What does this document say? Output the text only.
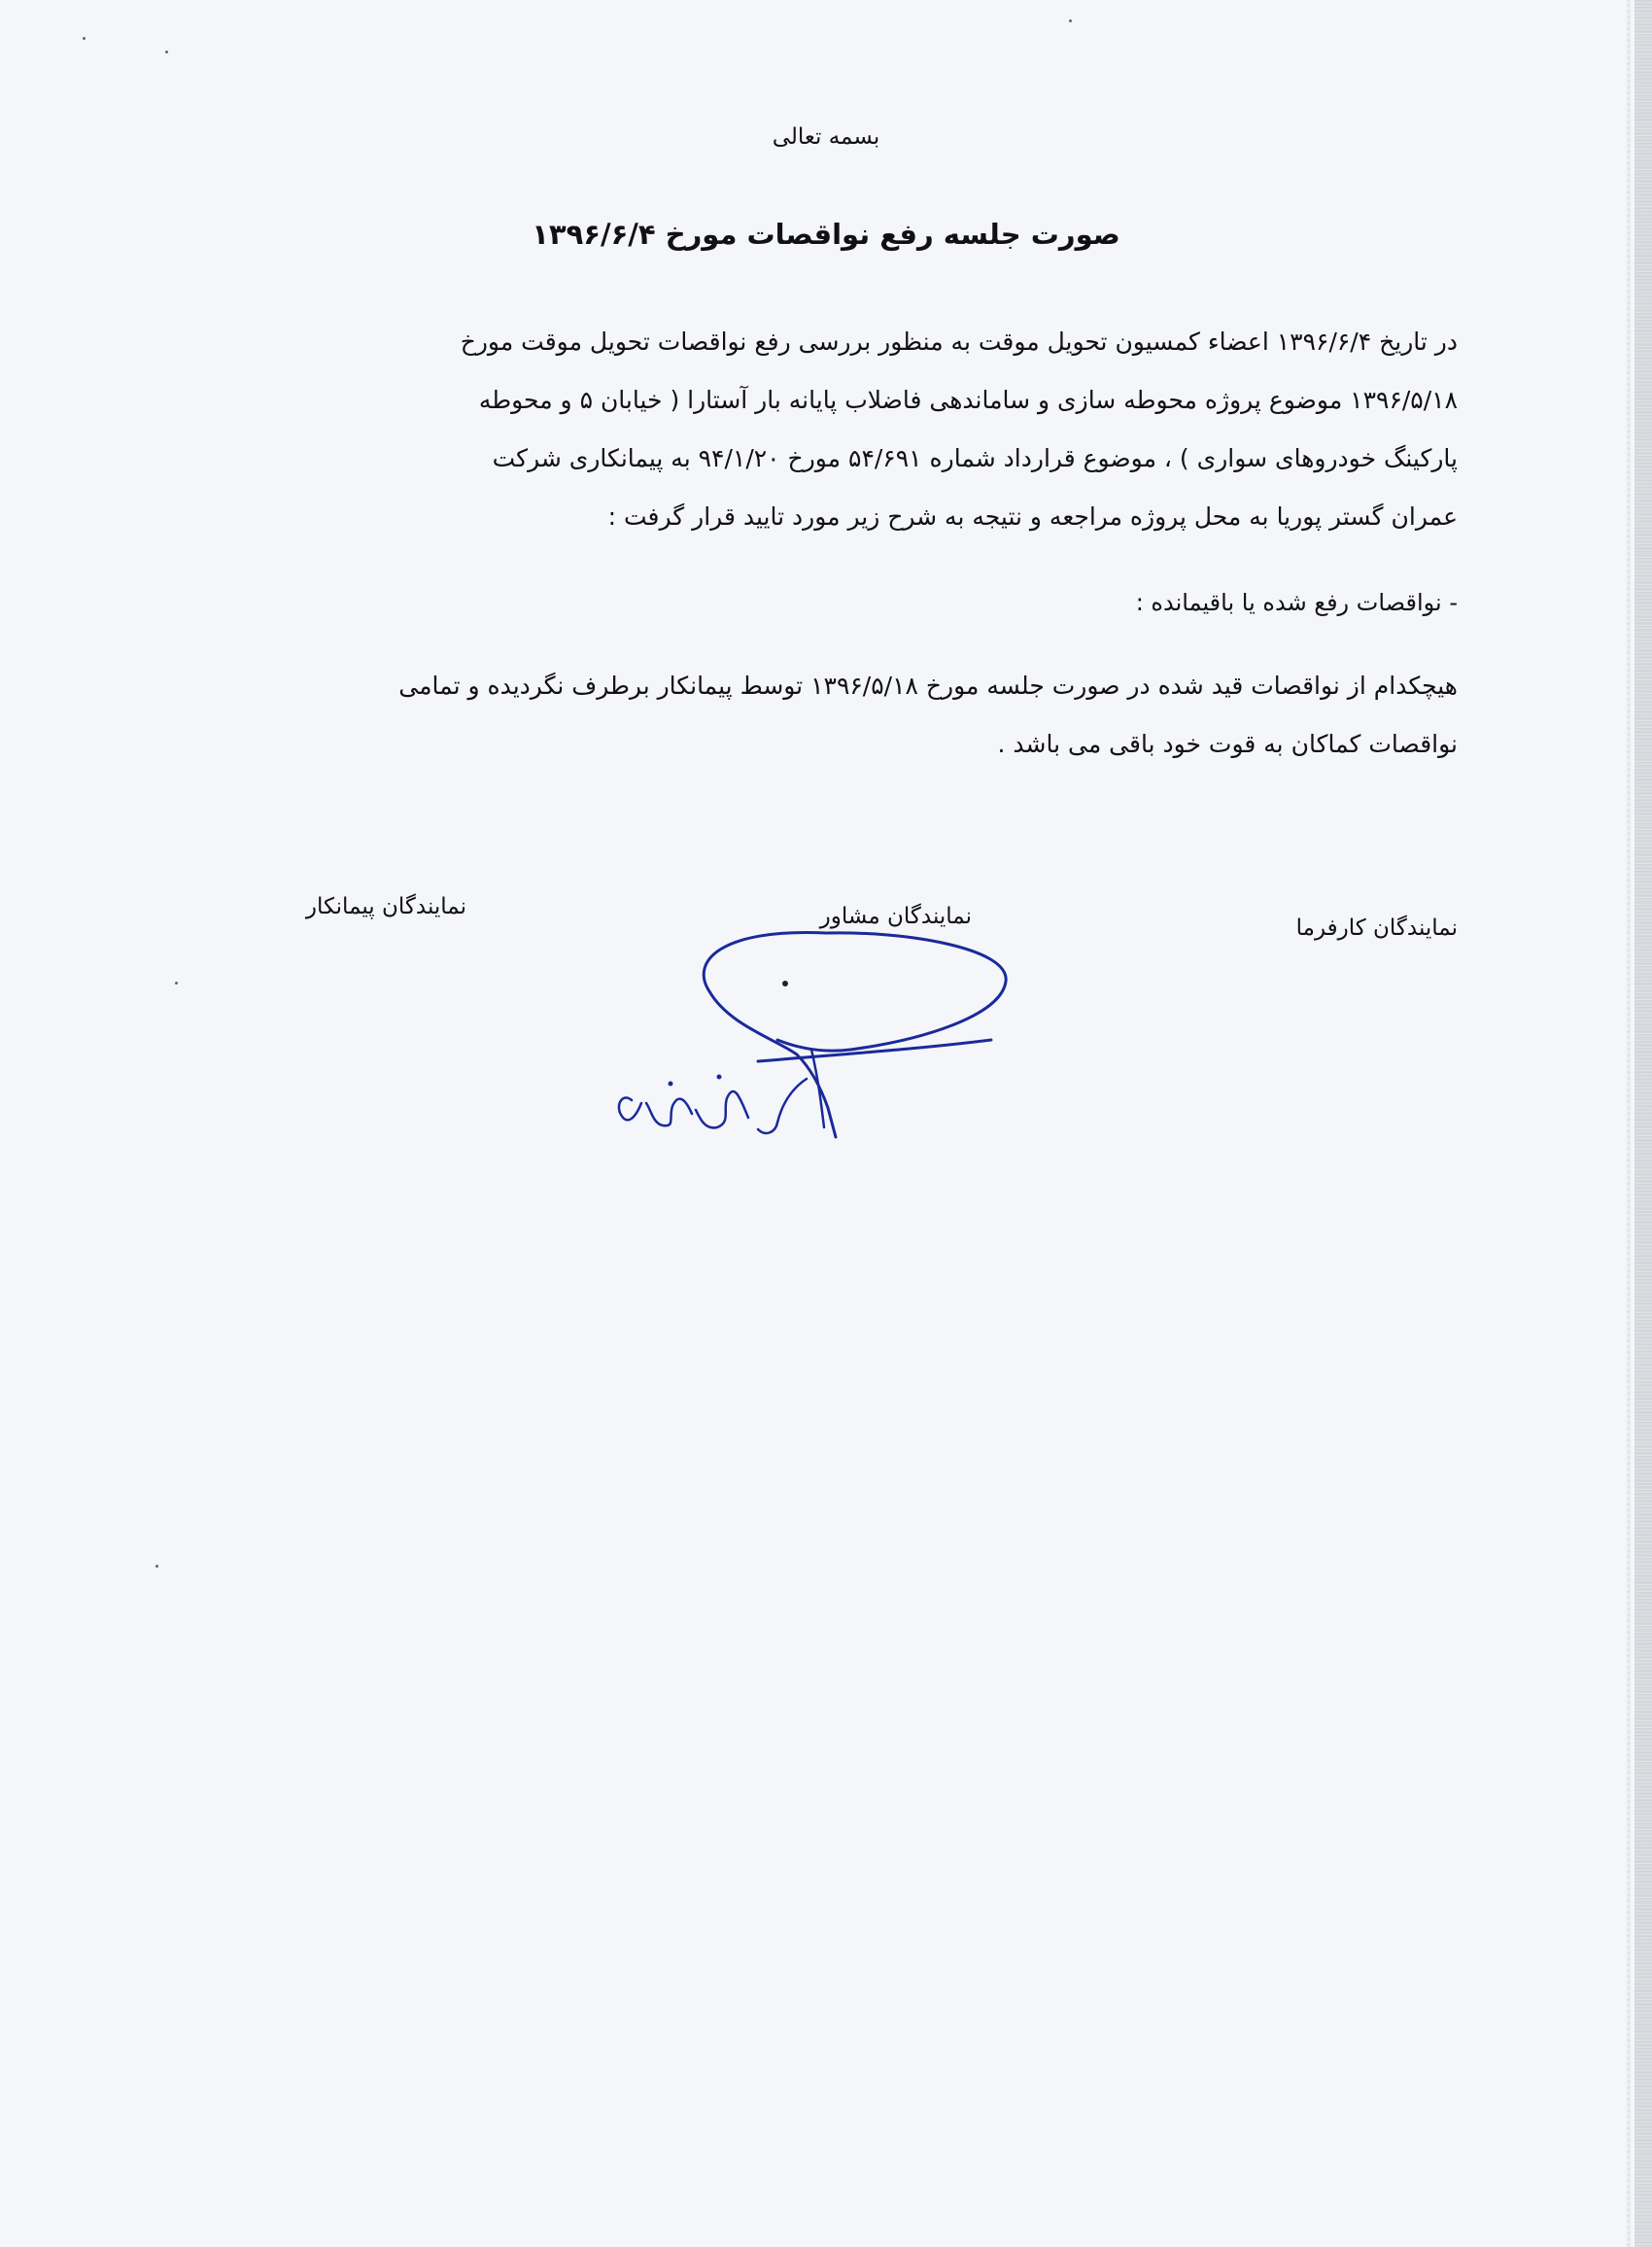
بسمه تعالی
صورت جلسه رفع نواقصات مورخ ۱۳۹۶/۶/۴
در تاریخ ۱۳۹۶/۶/۴ اعضاء کمسیون تحویل موقت به منظور بررسی رفع نواقصات تحویل موقت مورخ
۱۳۹۶/۵/۱۸ موضوع پروژه محوطه سازی و ساماندهی فاضلاب پایانه بار آستارا ( خیابان ۵ و محوطه
پارکینگ خودروهای سواری ) ، موضوع قرارداد شماره ۵۴/۶۹۱ مورخ ۹۴/۱/۲۰ به پیمانکاری شرکت
عمران گستر پوریا به محل پروژه مراجعه و نتیجه به شرح زیر مورد تایید قرار گرفت :
- نواقصات رفع شده یا باقیمانده :
هیچکدام از نواقصات قید شده در صورت جلسه مورخ ۱۳۹۶/۵/۱۸ توسط پیمانکار برطرف نگردیده و تمامی
نواقصات کماکان به قوت خود باقی می باشد .
نمایندگان کارفرما
نمایندگان مشاور
نمایندگان پیمانکار
